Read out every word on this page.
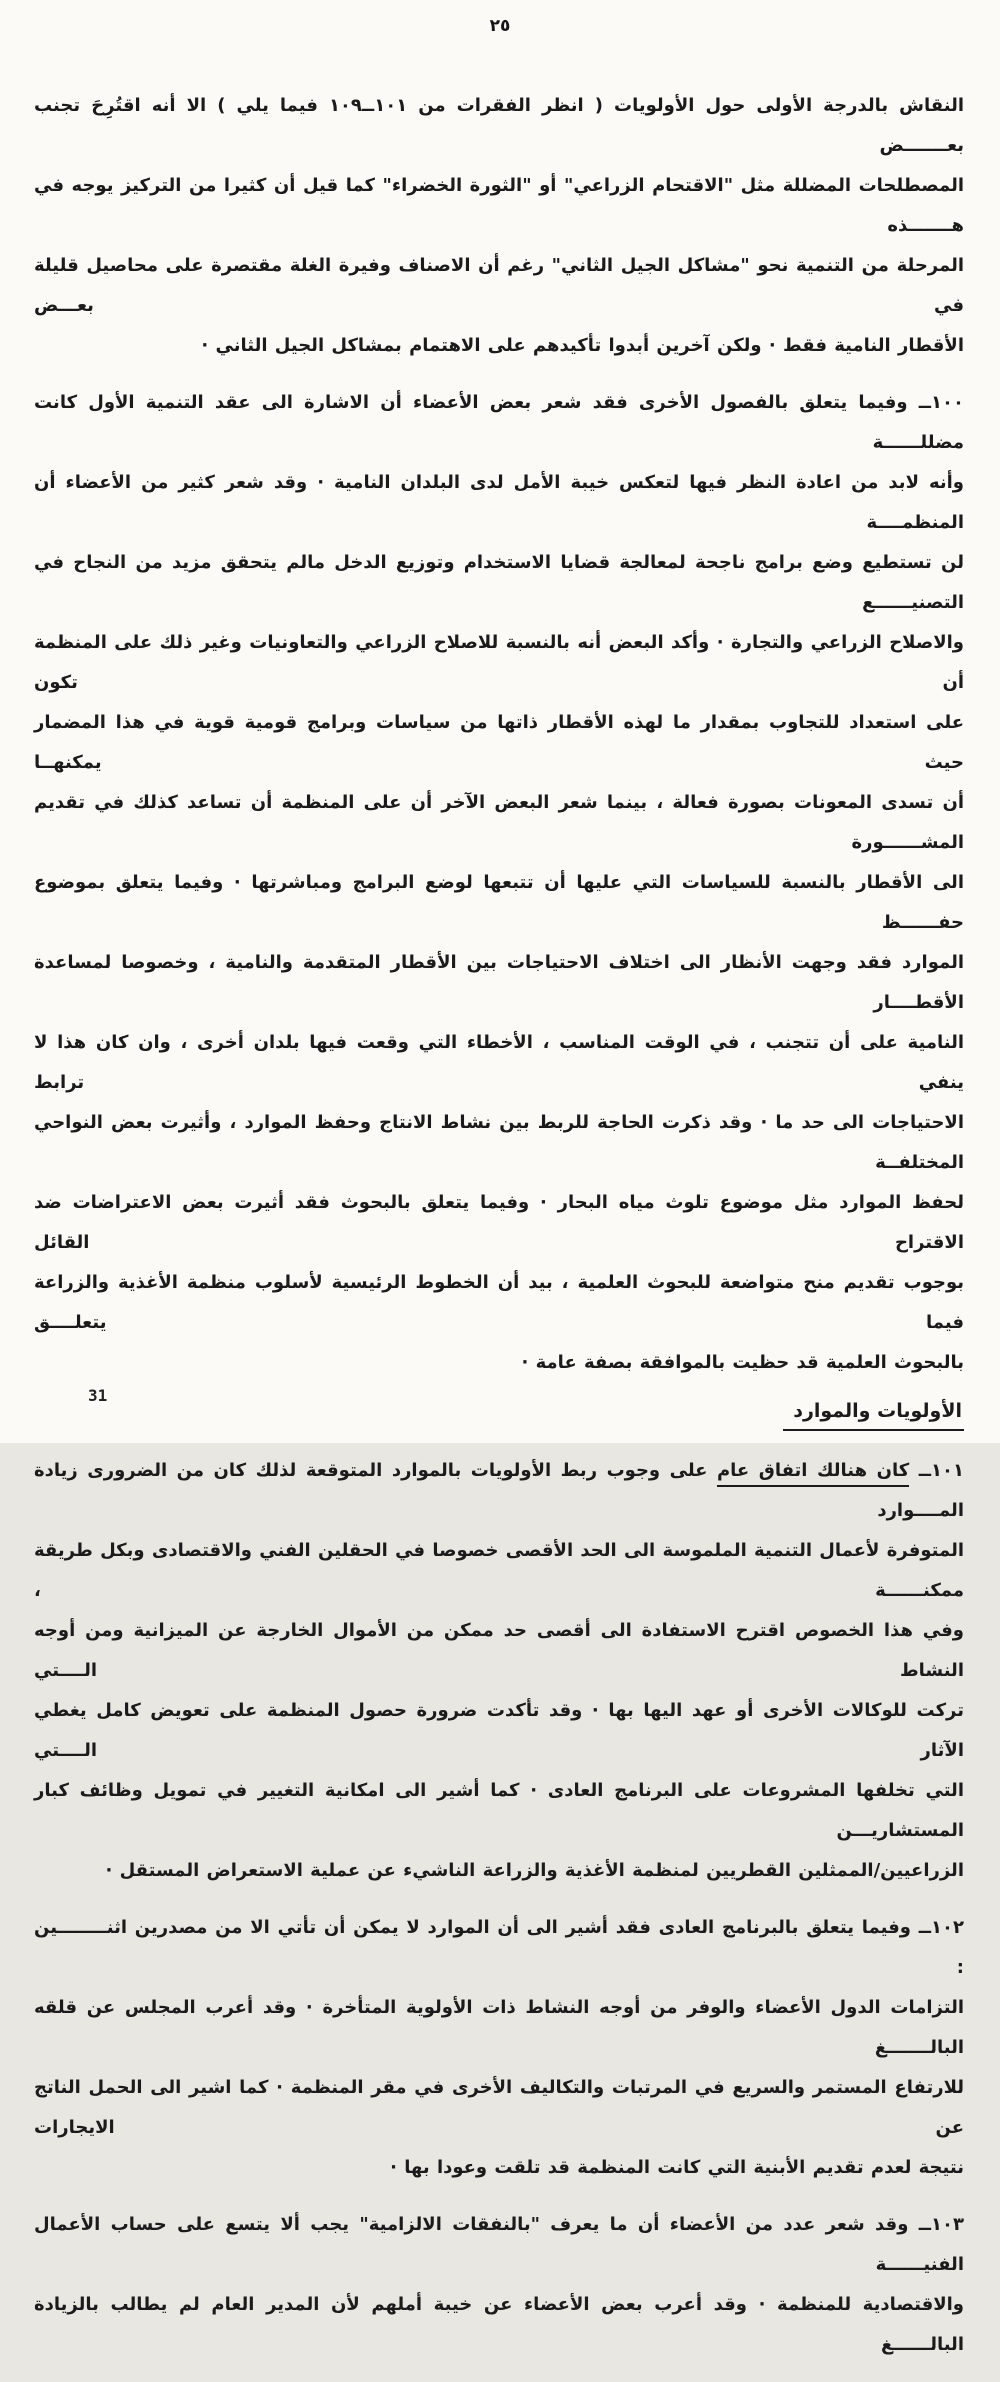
٢٥
النقاش بالدرجة الأولى حول الأولويات ( انظر الفقرات من ١٠١ــ١٠٩ فيما يلي ) الا أنه اقتُرِحَ تجنب بعـــــــض
المصطلحات المضللة مثل "الاقتحام الزراعي" أو "الثورة الخضراء" كما قيل أن كثيرا من التركيز يوجه في هـــــــذه
المرحلة من التنمية نحو "مشاكل الجيل الثاني" رغم أن الاصناف وفيرة الغلة مقتصرة على محاصيل قليلة في بعـــض
الأقطار النامية فقط · ولكن آخرين أبدوا تأكيدهم على الاهتمام بمشاكل الجيل الثاني ·
١٠٠ــ وفيما يتعلق بالفصول الأخرى فقد شعر بعض الأعضاء أن الاشارة الى عقد التنمية الأول كانت مضللــــــة
وأنه لابد من اعادة النظر فيها لتعكس خيبة الأمل لدى البلدان النامية · وقد شعر كثير من الأعضاء أن المنظمــــة
لن تستطيع وضع برامج ناجحة لمعالجة قضايا الاستخدام وتوزيع الدخل مالم يتحقق مزيد من النجاح في التصنيــــــع
والاصلاح الزراعي والتجارة · وأكد البعض أنه بالنسبة للاصلاح الزراعي والتعاونيات وغير ذلك على المنظمة أن تكون
على استعداد للتجاوب بمقدار ما لهذه الأقطار ذاتها من سياسات وبرامج قومية قوية في هذا المضمار حيث يمكنهــا
أن تسدى المعونات بصورة فعالة ، بينما شعر البعض الآخر أن على المنظمة أن تساعد كذلك في تقديم المشــــــورة
الى الأقطار بالنسبة للسياسات التي عليها أن تتبعها لوضع البرامج ومباشرتها · وفيما يتعلق بموضوع حفــــــظ
الموارد فقد وجهت الأنظار الى اختلاف الاحتياجات بين الأقطار المتقدمة والنامية ، وخصوصا لمساعدة الأقطــــار
النامية على أن تتجنب ، في الوقت المناسب ، الأخطاء التي وقعت فيها بلدان أخرى ، وان كان هذا لا ينفي ترابط
الاحتياجات الى حد ما · وقد ذكرت الحاجة للربط بين نشاط الانتاج وحفظ الموارد ، وأثيرت بعض النواحي المختلفــة
لحفظ الموارد مثل موضوع تلوث مياه البحار · وفيما يتعلق بالبحوث فقد أثيرت بعض الاعتراضات ضد الاقتراح القائل
بوجوب تقديم منح متواضعة للبحوث العلمية ، بيد أن الخطوط الرئيسية لأسلوب منظمة الأغذية والزراعة فيما يتعلــــق
بالبحوث العلمية قد حظيت بالموافقة بصفة عامة ·
الأولويات والموارد
١٠١ــ كان هنالك اتفاق عام على وجوب ربط الأولويات بالموارد المتوقعة لذلك كان من الضرورى زيادة المــــوارد
المتوفرة لأعمال التنمية الملموسة الى الحد الأقصى خصوصا في الحقلين الفني والاقتصادى وبكل طريقة ممكنــــــة ،
وفي هذا الخصوص اقترح الاستفادة الى أقصى حد ممكن من الأموال الخارجة عن الميزانية ومن أوجه النشاط الــــتي
تركت للوكالات الأخرى أو عهد اليها بها · وقد تأكدت ضرورة حصول المنظمة على تعويض كامل يغطي الآثار الــــتي
التي تخلفها المشروعات على البرنامج العادى · كما أشير الى امكانية التغيير في تمويل وظائف كبار المستشاريـــن
الزراعيين/الممثلين القطريين لمنظمة الأغذية والزراعة الناشيء عن عملية الاستعراض المستقل ·
١٠٢ــ وفيما يتعلق بالبرنامج العادى فقد أشير الى أن الموارد لا يمكن أن تأتي الا من مصدرين اثنــــــــين :
التزامات الدول الأعضاء والوفر من أوجه النشاط ذات الأولوية المتأخرة · وقد أعرب المجلس عن قلقه البالـــــــغ
للارتفاع المستمر والسريع في المرتبات والتكاليف الأخرى في مقر المنظمة · كما اشير الى الحمل الناتج عن الايجارات
نتيجة لعدم تقديم الأبنية التي كانت المنظمة قد تلقت وعودا بها ·
١٠٣ــ وقد شعر عدد من الأعضاء أن ما يعرف "بالنفقات الالزامية" يجب ألا يتسع على حساب الأعمال الفنيــــــة
والاقتصادية للمنظمة · وقد أعرب بعض الأعضاء عن خيبة أملهم لأن المدير العام لم يطالب بالزيادة البالــــــغ
31
